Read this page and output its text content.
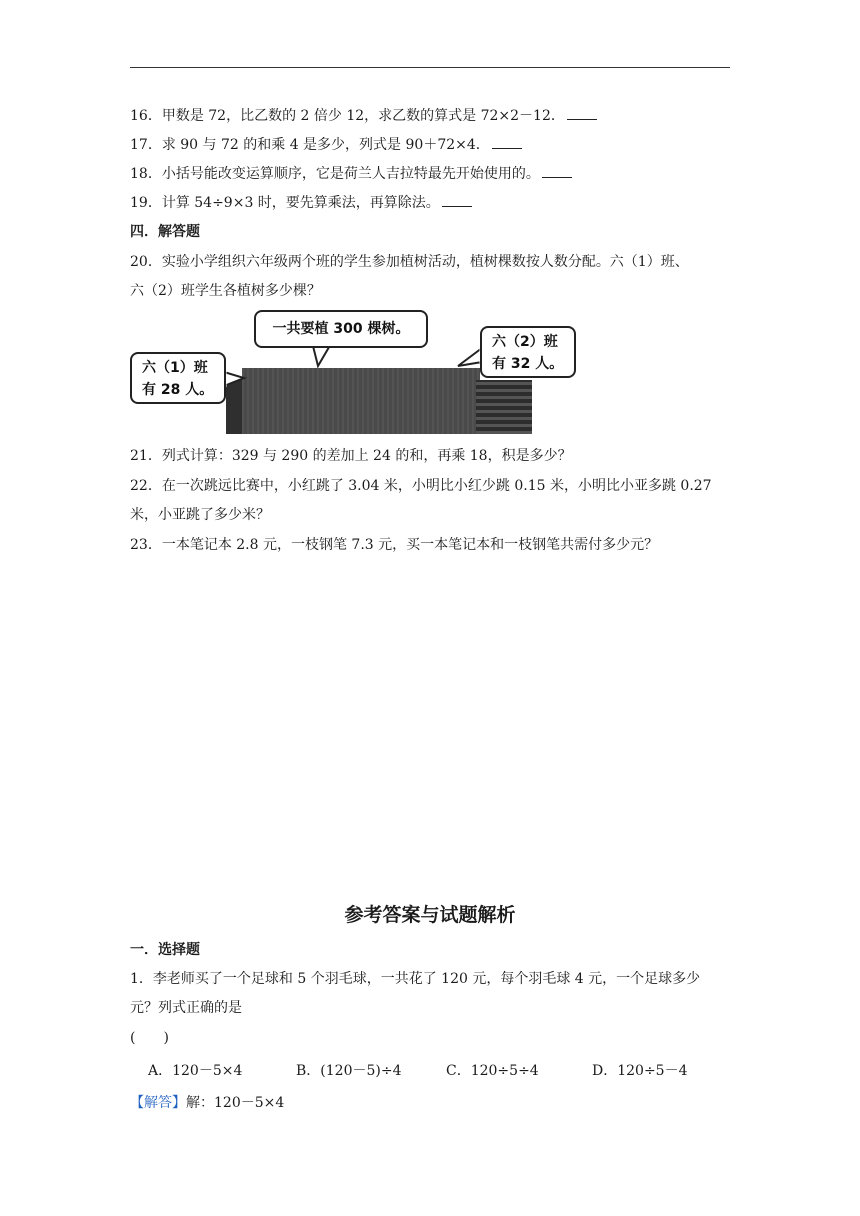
16．甲数是 72，比乙数的 2 倍少 12，求乙数的算式是 72×2－12．
17．求 90 与 72 的和乘 4 是多少，列式是 90＋72×4．
18．小括号能改变运算顺序，它是荷兰人吉拉特最先开始使用的。
19．计算 54÷9×3 时，要先算乘法，再算除法。
四．解答题
20．实验小学组织六年级两个班的学生参加植树活动，植树棵数按人数分配。六（1）班、
六（2）班学生各植树多少棵？
一共要植 300 棵树。
六（1）班
有 28 人。
六（2）班
有 32 人。
21．列式计算：329 与 290 的差加上 24 的和，再乘 18，积是多少？
22．在一次跳远比赛中，小红跳了 3.04 米，小明比小红少跳 0.15 米，小明比小亚多跳 0.27
米，小亚跳了多少米？
23．一本笔记本 2.8 元，一枝钢笔 7.3 元，买一本笔记本和一枝钢笔共需付多少元？
参考答案与试题解析
一．选择题
1．李老师买了一个足球和 5 个羽毛球，一共花了 120 元，每个羽毛球 4 元，一个足球多少
元？列式正确的是
(　　)
A．120－5×4	B．(120－5)÷4	C．120÷5÷4	D．120÷5－4
【解答】解：120－5×4
